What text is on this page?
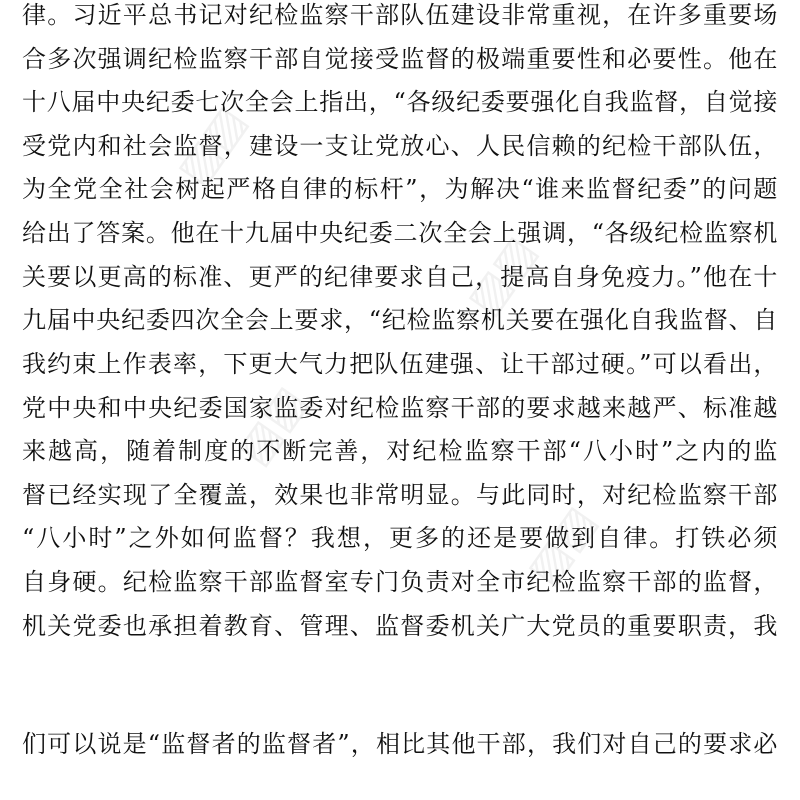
▨▨
▨▨
▨▨
▨▨
律。习近平总书记对纪检监察干部队伍建设非常重视，在许多重要场
合多次强调纪检监察干部自觉接受监督的极端重要性和必要性。他在
十八届中央纪委七次全会上指出，“各级纪委要强化自我监督，自觉接
受党内和社会监督，建设一支让党放心、人民信赖的纪检干部队伍，
为全党全社会树起严格自律的标杆”，为解决“谁来监督纪委”的问题
给出了答案。他在十九届中央纪委二次全会上强调，“各级纪检监察机
关要以更高的标准、更严的纪律要求自己，提高自身免疫力。”他在十
九届中央纪委四次全会上要求，“纪检监察机关要在强化自我监督、自
我约束上作表率，下更大气力把队伍建强、让干部过硬。”可以看出，
党中央和中央纪委国家监委对纪检监察干部的要求越来越严、标准越
来越高，随着制度的不断完善，对纪检监察干部“八小时”之内的监
督已经实现了全覆盖，效果也非常明显。与此同时，对纪检监察干部
“八小时”之外如何监督？我想，更多的还是要做到自律。打铁必须
自身硬。纪检监察干部监督室专门负责对全市纪检监察干部的监督，
机关党委也承担着教育、管理、监督委机关广大党员的重要职责，我
们可以说是“监督者的监督者”，相比其他干部，我们对自己的要求必
